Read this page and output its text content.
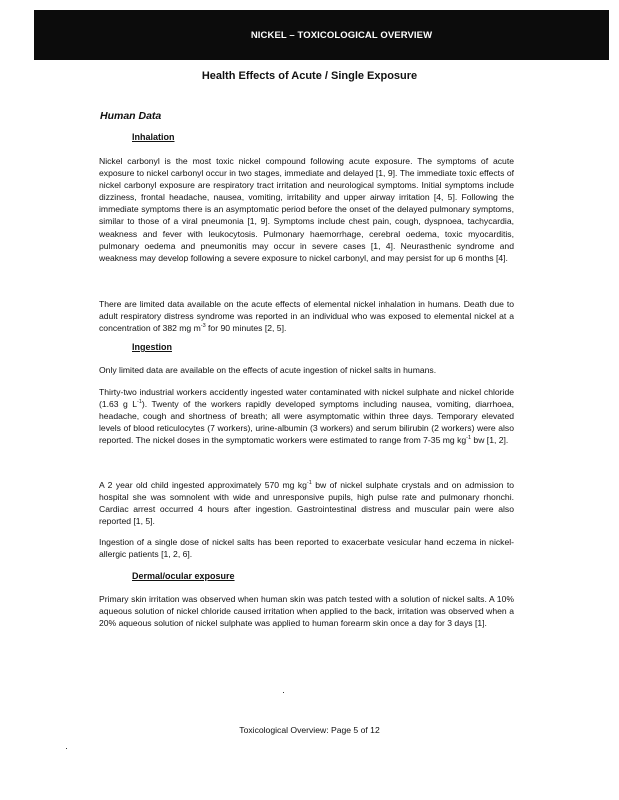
NICKEL – TOXICOLOGICAL OVERVIEW
Health Effects of Acute / Single Exposure
Human Data
Inhalation

Nickel carbonyl is the most toxic nickel compound following acute exposure. The symptoms of acute exposure to nickel carbonyl occur in two stages, immediate and delayed [1, 9]. The immediate toxic effects of nickel carbonyl exposure are respiratory tract irritation and neurological symptoms. Initial symptoms include dizziness, frontal headache, nausea, vomiting, irritability and upper airway irritation [4, 5]. Following the immediate symptoms there is an asymptomatic period before the onset of the delayed pulmonary symptoms, similar to those of a viral pneumonia [1, 9]. Symptoms include chest pain, cough, dyspnoea, tachycardia, weakness and fever with leukocytosis. Pulmonary haemorrhage, cerebral oedema, toxic myocarditis, pulmonary oedema and pneumonitis may occur in severe cases [1, 4]. Neurasthenic syndrome and weakness may develop following a severe exposure to nickel carbonyl, and may persist for up 6 months [4].

There are limited data available on the acute effects of elemental nickel inhalation in humans. Death due to adult respiratory distress syndrome was reported in an individual who was exposed to elemental nickel at a concentration of 382 mg $m^{-3}$ for 90 minutes [2, 5].

Ingestion

Only limited data are available on the effects of acute ingestion of nickel salts in humans.

Thirty-two industrial workers accidently ingested water contaminated with nickel sulphate and nickel chloride (1.63 g $L^{-1}$). Twenty of the workers rapidly developed symptoms including nausea, vomiting, diarrhoea, headache, cough and shortness of breath; all were asymptomatic within three days. Temporary elevated levels of blood reticulocytes (7 workers), urine-albumin (3 workers) and serum bilirubin (2 workers) were also reported. The nickel doses in the symptomatic workers were estimated to range from 7-35 mg $kg^{-1}$ bw [1, 2].

A 2 year old child ingested approximately 570 mg $kg^{-1}$ bw of nickel sulphate crystals and on admission to hospital she was somnolent with wide and unresponsive pupils, high pulse rate and pulmonary rhonchi. Cardiac arrest occurred 4 hours after ingestion. Gastrointestinal distress and muscular pain were also reported [1, 5].

Ingestion of a single dose of nickel salts has been reported to exacerbate vesicular hand eczema in nickel-allergic patients [1, 2, 6].

Dermal/ocular exposure

Primary skin irritation was observed when human skin was patch tested with a solution of nickel salts. A 10% aqueous solution of nickel chloride caused irritation when applied to the back, irritation was observed when a 20% aqueous solution of nickel sulphate was applied to human forearm skin once a day for 3 days [1].

Toxicological Overview: Page 5 of 12
